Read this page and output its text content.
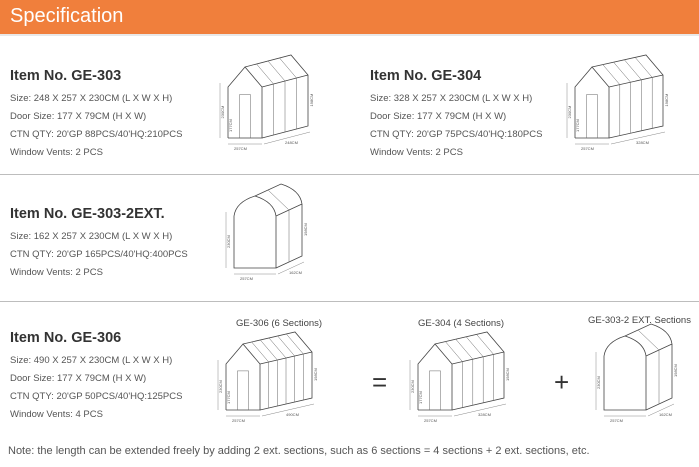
Specification
Item No. GE-303
Size: 248 X 257 X 230CM (L X W X H)
Door Size: 177 X 79CM (H X W)
CTN QTY: 20'GP 88PCS/40'HQ:210PCS
Window Vents: 2 PCS
230CM
177CM
198CM
257CM
248CM
Item No. GE-304
Size: 328 X 257 X 230CM (L X W X H)
Door Size: 177 X 79CM (H X W)
CTN QTY: 20'GP 75PCS/40'HQ:180PCS
Window Vents: 2 PCS
230CM
177CM
198CM
257CM
328CM
Item No. GE-303-2EXT.
Size: 162 X 257 X 230CM (L X W X H)
CTN QTY: 20'GP 165PCS/40'HQ:400PCS
Window Vents: 2 PCS
230CM
198CM
257CM
162CM
Item No. GE-306
Size: 490 X 257 X 230CM (L X W X H)
Door Size: 177 X 79CM (H X W)
CTN QTY: 20'GP 50PCS/40'HQ:125PCS
Window Vents: 4 PCS
GE-306 (6 Sections)
230CM
177CM
198CM
257CM
490CM
=
GE-304 (4 Sections)
230CM
177CM
198CM
257CM
328CM
+
GE-303-2 EXT. Sections
230CM
198CM
257CM
162CM
Note: the length can be extended freely by adding 2 ext. sections, such as 6 sections = 4 sections + 2 ext. sections, etc.
